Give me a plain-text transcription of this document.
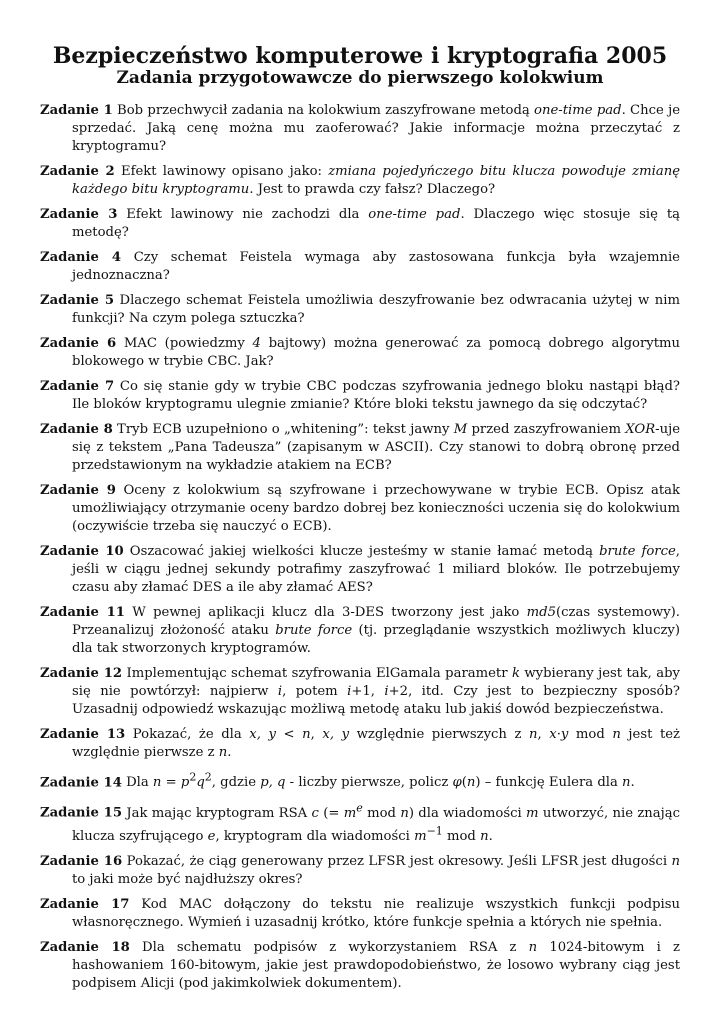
Bezpieczeństwo komputerowe i kryptografia 2005
Zadania przygotowawcze do pierwszego kolokwium
Zadanie 1 Bob przechwycił zadania na kolokwium zaszyfrowane metodą one-time pad. Chce je sprzedać. Jaką cenę można mu zaoferować? Jakie informacje można przeczytać z kryptogramu?
Zadanie 2 Efekt lawinowy opisano jako: zmiana pojedyńczego bitu klucza powoduje zmianę każdego bitu kryptogramu. Jest to prawda czy fałsz? Dlaczego?
Zadanie 3 Efekt lawinowy nie zachodzi dla one-time pad. Dlaczego więc stosuje się tą metodę?
Zadanie 4 Czy schemat Feistela wymaga aby zastosowana funkcja była wzajemnie jednoznaczna?
Zadanie 5 Dlaczego schemat Feistela umożliwia deszyfrowanie bez odwracania użytej w nim funkcji? Na czym polega sztuczka?
Zadanie 6 MAC (powiedzmy 4 bajtowy) można generować za pomocą dobrego algorytmu blokowego w trybie CBC. Jak?
Zadanie 7 Co się stanie gdy w trybie CBC podczas szyfrowania jednego bloku nastąpi błąd? Ile bloków kryptogramu ulegnie zmianie? Które bloki tekstu jawnego da się odczytać?
Zadanie 8 Tryb ECB uzupełniono o „whitening”: tekst jawny M przed zaszyfrowaniem XOR-uje się z tekstem „Pana Tadeusza” (zapisanym w ASCII). Czy stanowi to dobrą obronę przed przedstawionym na wykładzie atakiem na ECB?
Zadanie 9 Oceny z kolokwium są szyfrowane i przechowywane w trybie ECB. Opisz atak umożliwiający otrzymanie oceny bardzo dobrej bez konieczności uczenia się do kolokwium (oczywiście trzeba się nauczyć o ECB).
Zadanie 10 Oszacować jakiej wielkości klucze jesteśmy w stanie łamać metodą brute force, jeśli w ciągu jednej sekundy potrafimy zaszyfrować 1 miliard bloków. Ile potrzebujemy czasu aby złamać DES a ile aby złamać AES?
Zadanie 11 W pewnej aplikacji klucz dla 3-DES tworzony jest jako md5(czas systemowy). Przeanalizuj złożoność ataku brute force (tj. przeglądanie wszystkich możliwych kluczy) dla tak stworzonych kryptogramów.
Zadanie 12 Implementując schemat szyfrowania ElGamala parametr k wybierany jest tak, aby się nie powtórzył: najpierw i, potem i+1, i+2, itd. Czy jest to bezpieczny sposób? Uzasadnij odpowiedź wskazując możliwą metodę ataku lub jakiś dowód bezpieczeństwa.
Zadanie 13 Pokazać, że dla x, y < n, x, y względnie pierwszych z n, x·y mod n jest też względnie pierwsze z n.
Zadanie 14 Dla $n = p^2q^2$, gdzie p, q - liczby pierwsze, policz φ(n) – funkcję Eulera dla n.
Zadanie 15 Jak mając kryptogram RSA c (= $m^e$ mod n) dla wiadomości m utworzyć, nie znając klucza szyfrującego e, kryptogram dla wiadomości $m^{-1}$ mod n.
Zadanie 16 Pokazać, że ciąg generowany przez LFSR jest okresowy. Jeśli LFSR jest długości n to jaki może być najdłuższy okres?
Zadanie 17 Kod MAC dołączony do tekstu nie realizuje wszystkich funkcji podpisu własnoręcznego. Wymień i uzasadnij krótko, które funkcje spełnia a których nie spełnia.
Zadanie 18 Dla schematu podpisów z wykorzystaniem RSA z n 1024-bitowym i z hashowaniem 160-bitowym, jakie jest prawdopodobieństwo, że losowo wybrany ciąg jest podpisem Alicji (pod jakimkolwiek dokumentem).
